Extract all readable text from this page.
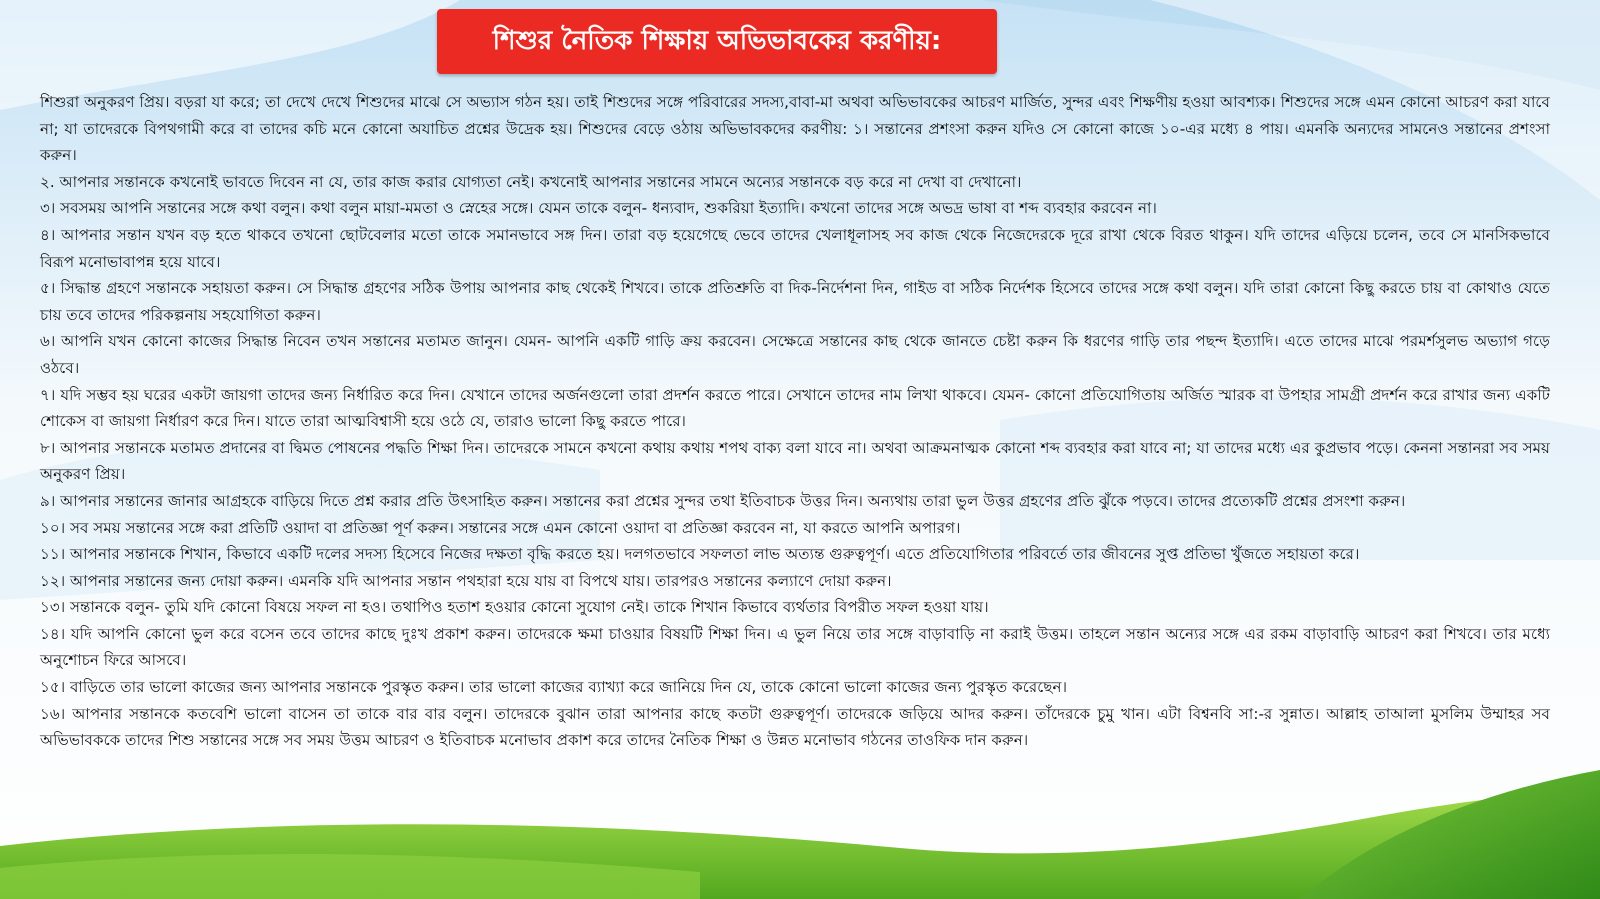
শিশুর নৈতিক শিক্ষায় অভিভাবকের করণীয়:

শিশুরা অনুকরণ প্রিয়। বড়রা যা করে; তা দেখে দেখে শিশুদের মাঝে সে অভ্যাস গঠন হয়। তাই শিশুদের সঙ্গে পরিবারের সদস্য,বাবা-মা অথবা অভিভাবকের আচরণ মার্জিত, সুন্দর এবং শিক্ষণীয় হওয়া আবশ্যক। শিশুদের সঙ্গে এমন কোনো আচরণ করা যাবে না; যা তাদেরকে বিপথগামী করে বা তাদের কচি মনে কোনো অযাচিত প্রশ্নের উদ্রেক হয়। শিশুদের বেড়ে ওঠায় অভিভাবকদের করণীয়: ১। সন্তানের প্রশংসা করুন যদিও সে কোনো কাজে ১০-এর মধ্যে ৪ পায়। এমনকি অন্যদের সামনেও সন্তানের প্রশংসা করুন।

২. আপনার সন্তানকে কখনোই ভাবতে দিবেন না যে, তার কাজ করার যোগ্যতা নেই। কখনোই আপনার সন্তানের সামনে অন্যের সন্তানকে বড় করে না দেখা বা দেখানো।

৩। সবসময় আপনি সন্তানের সঙ্গে কথা বলুন। কথা বলুন মায়া-মমতা ও স্নেহের সঙ্গে। যেমন তাকে বলুন- ধন্যবাদ, শুকরিয়া ইত্যাদি। কখনো তাদের সঙ্গে অভদ্র ভাষা বা শব্দ ব্যবহার করবেন না।

৪। আপনার সন্তান যখন বড় হতে থাকবে তখনো ছোটবেলার মতো তাকে সমানভাবে সঙ্গ দিন। তারা বড় হয়েগেছে ভেবে তাদের খেলাধূলাসহ সব কাজ থেকে নিজেদেরকে দূরে রাখা থেকে বিরত থাকুন। যদি তাদের এড়িয়ে চলেন, তবে সে মানসিকভাবে বিরূপ মনোভাবাপন্ন হয়ে যাবে।

৫। সিদ্ধান্ত গ্রহণে সন্তানকে সহায়তা করুন। সে সিদ্ধান্ত গ্রহণের সঠিক উপায় আপনার কাছ থেকেই শিখবে। তাকে প্রতিশ্রুতি বা দিক-নির্দেশনা দিন, গাইড বা সঠিক নির্দেশক হিসেবে তাদের সঙ্গে কথা বলুন। যদি তারা কোনো কিছু করতে চায় বা কোথাও যেতে চায় তবে তাদের পরিকল্পনায় সহযোগিতা করুন।

৬। আপনি যখন কোনো কাজের সিদ্ধান্ত নিবেন তখন সন্তানের মতামত জানুন। যেমন- আপনি একটি গাড়ি ক্রয় করবেন। সেক্ষেত্রে সন্তানের কাছ থেকে জানতে চেষ্টা করুন কি ধরণের গাড়ি তার পছন্দ ইত্যাদি। এতে তাদের মাঝে পরমর্শসুলভ অভ্যাগ গড়ে ওঠবে।

৭। যদি সম্ভব হয় ঘরের একটা জায়গা তাদের জন্য নির্ধারিত করে দিন। যেখানে তাদের অর্জনগুলো তারা প্রদর্শন করতে পারে। সেখানে তাদের নাম লিখা থাকবে। যেমন- কোনো প্রতিযোগিতায় অর্জিত স্মারক বা উপহার সামগ্রী প্রদর্শন করে রাখার জন্য একটি শোকেস বা জায়গা নির্ধারণ করে দিন। যাতে তারা আত্মবিশ্বাসী হয়ে ওঠে যে, তারাও ভালো কিছু করতে পারে।

৮। আপনার সন্তানকে মতামত প্রদানের বা দ্বিমত পোষনের পদ্ধতি শিক্ষা দিন। তাদেরকে সামনে কখনো কথায় কথায় শপথ বাক্য বলা যাবে না। অথবা আক্রমনাত্মক কোনো শব্দ ব্যবহার করা যাবে না; যা তাদের মধ্যে এর কুপ্রভাব পড়ে। কেননা সন্তানরা সব সময় অনুকরণ প্রিয়।

৯। আপনার সন্তানের জানার আগ্রহকে বাড়িয়ে দিতে প্রশ্ন করার প্রতি উৎসাহিত করুন। সন্তানের করা প্রশ্নের সুন্দর তথা ইতিবাচক উত্তর দিন। অন্যথায় তারা ভুল উত্তর গ্রহণের প্রতি ঝুঁকে পড়বে। তাদের প্রত্যেকটি প্রশ্নের প্রসংশা করুন।

১০। সব সময় সন্তানের সঙ্গে করা প্রতিটি ওয়াদা বা প্রতিজ্ঞা পূর্ণ করুন। সন্তানের সঙ্গে এমন কোনো ওয়াদা বা প্রতিজ্ঞা করবেন না, যা করতে আপনি অপারগ।

১১। আপনার সন্তানকে শিখান, কিভাবে একটি দলের সদস্য হিসেবে নিজের দক্ষতা বৃদ্ধি করতে হয়। দলগতভাবে সফলতা লাভ অত্যন্ত গুরুত্বপূর্ণ। এতে প্রতিযোগিতার পরিবর্তে তার জীবনের সুপ্ত প্রতিভা খুঁজতে সহায়তা করে।

১২। আপনার সন্তানের জন্য দোয়া করুন। এমনকি যদি আপনার সন্তান পথহারা হয়ে যায় বা বিপথে যায়। তারপরও সন্তানের কল্যাণে দোয়া করুন।

১৩। সন্তানকে বলুন- তুমি যদি কোনো বিষয়ে সফল না হও। তথাপিও হতাশ হওয়ার কোনো সুযোগ নেই। তাকে শিখান কিভাবে ব্যর্থতার বিপরীত সফল হওয়া যায়।

১৪। যদি আপনি কোনো ভুল করে বসেন তবে তাদের কাছে দুঃখ প্রকাশ করুন। তাদেরকে ক্ষমা চাওয়ার বিষয়টি শিক্ষা দিন। এ ভুল নিয়ে তার সঙ্গে বাড়াবাড়ি না করাই উত্তম। তাহলে সন্তান অন্যের সঙ্গে এর রকম বাড়াবাড়ি আচরণ করা শিখবে। তার মধ্যে অনুশোচন ফিরে আসবে।

১৫। বাড়িতে তার ভালো কাজের জন্য আপনার সন্তানকে পুরস্কৃত করুন। তার ভালো কাজের ব্যাখ্যা করে জানিয়ে দিন যে, তাকে কোনো ভালো কাজের জন্য পুরস্কৃত করেছেন।

১৬। আপনার সন্তানকে কতবেশি ভালো বাসেন তা তাকে বার বার বলুন। তাদেরকে বুঝান তারা আপনার কাছে কতটা গুরুত্বপূর্ণ। তাদেরকে জড়িয়ে আদর করুন। তাঁদেরকে চুমু খান। এটা বিশ্বনবি সা:-র সুন্নাত। আল্লাহ তাআলা মুসলিম উম্মাহর সব অভিভাবককে তাদের শিশু সন্তানের সঙ্গে সব সময় উত্তম আচরণ ও ইতিবাচক মনোভাব প্রকাশ করে তাদের নৈতিক শিক্ষা ও উন্নত মনোভাব গঠনের তাওফিক দান করুন।
